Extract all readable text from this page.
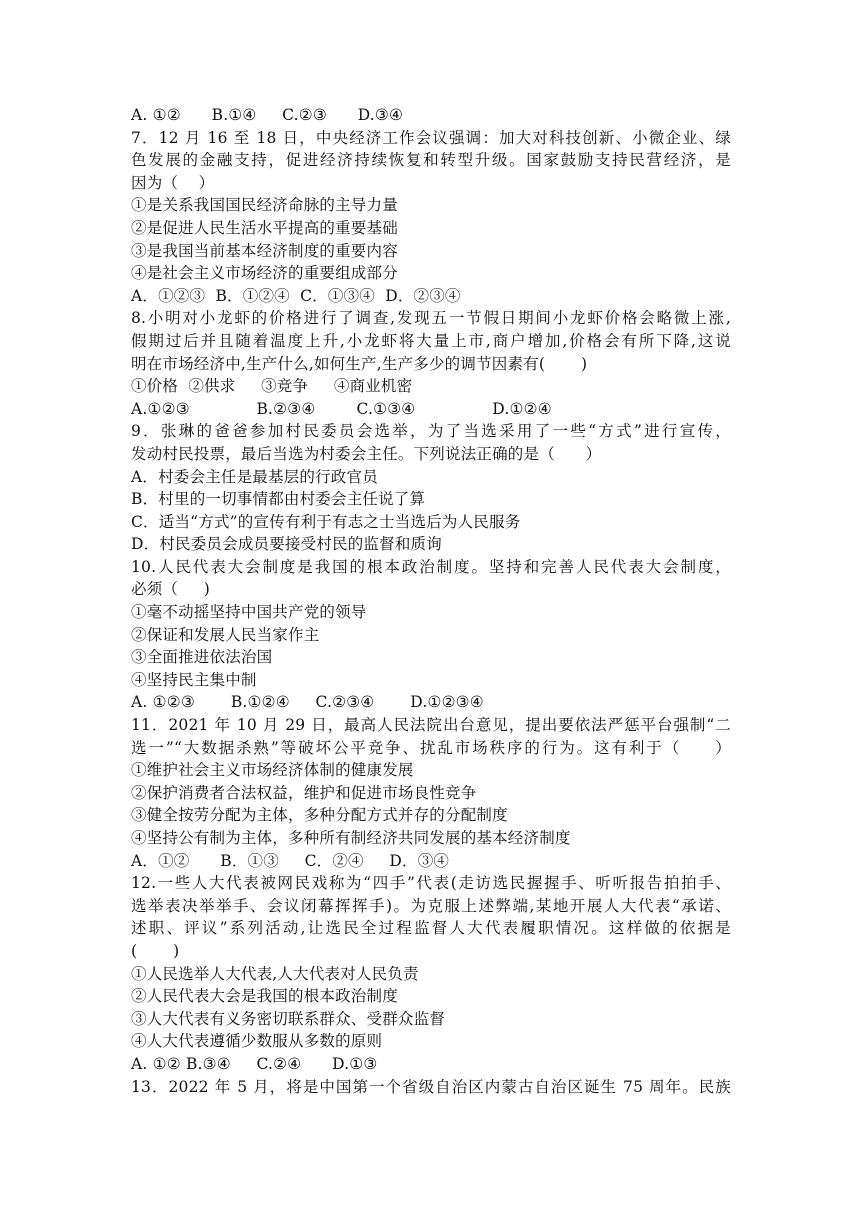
A. ①②      B.①④     C.②③      D.③④
7．12 月 16 至 18 日，中央经济工作会议强调：加大对科技创新、小微企业、绿
色发展的金融支持，促进经济持续恢复和转型升级。国家鼓励支持民营经济，是
因为（    ）
①是关系我国国民经济命脉的主导力量
②是促进人民生活水平提高的重要基础
③是我国当前基本经济制度的重要内容
④是社会主义市场经济的重要组成部分
A．①②③  B．①②④  C．①③④  D．②③④
8.小明对小龙虾的价格进行了调查,发现五一节假日期间小龙虾价格会略微上涨,
假期过后并且随着温度上升,小龙虾将大量上市,商户增加,价格会有所下降,这说
明在市场经济中,生产什么,如何生产,生产多少的调节因素有(       )
①价格  ②供求     ③竞争     ④商业机密
A.①②③             B.②③④        C.①③④               D.①②④
9．张琳的爸爸参加村民委员会选举，为了当选采用了一些“方式”进行宣传，
发动村民投票，最后当选为村委会主任。下列说法正确的是（      ）
A．村委会主任是最基层的行政官员
B．村里的一切事情都由村委会主任说了算
C．适当“方式”的宣传有利于有志之士当选后为人民服务
D．村民委员会成员要接受村民的监督和质询
10.人民代表大会制度是我国的根本政治制度。坚持和完善人民代表大会制度，
必须（     )
①毫不动摇坚持中国共产党的领导
②保证和发展人民当家作主
③全面推进依法治国
④坚持民主集中制
A. ①②③       B.①②④     C.②③④       D.①②③④
11．2021 年 10 月 29 日，最高人民法院出台意见，提出要依法严惩平台强制“二
选一”“大数据杀熟”等破坏公平竞争、扰乱市场秩序的行为。这有利于（     ）
①维护社会主义市场经济体制的健康发展
②保护消费者合法权益，维护和促进市场良性竞争
③健全按劳分配为主体，多种分配方式并存的分配制度
④坚持公有制为主体，多种所有制经济共同发展的基本经济制度
A．①②      B．①③     C．②④     D．③④
12.一些人大代表被网民戏称为“四手”代表(走访选民握握手、听听报告拍拍手、
选举表决举举手、会议闭幕挥挥手)。为克服上述弊端,某地开展人大代表“承诺、
述职、评议”系列活动,让选民全过程监督人大代表履职情况。这样做的依据是
(       )
①人民选举人大代表,人大代表对人民负责
②人民代表大会是我国的根本政治制度
③人大代表有义务密切联系群众、受群众监督
④人大代表遵循少数服从多数的原则
A. ①② B.③④     C.②④      D.①③
13．2022 年 5 月，将是中国第一个省级自治区内蒙古自治区诞生 75 周年。民族
